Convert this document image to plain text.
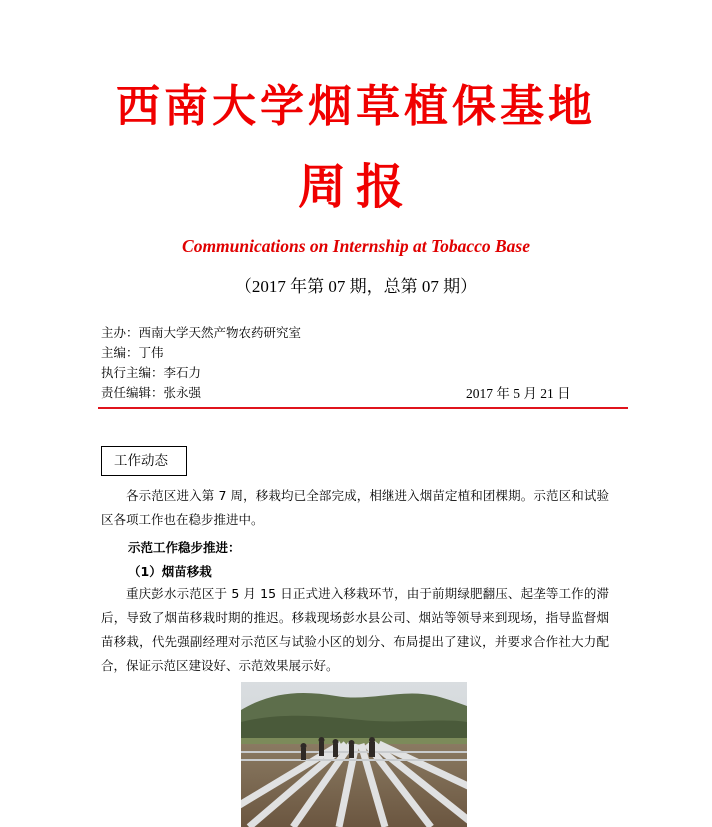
西南大学烟草植保基地
周报
Communications on Internship at Tobacco Base
（2017 年第 07 期，总第 07 期）
主办：西南大学天然产物农药研究室
主编：丁伟
执行主编：李石力
责任编辑：张永强	2017 年 5 月 21 日
工作动态
各示范区进入第 7 周，移栽均已全部完成，相继进入烟苗定植和团棵期。示范区和试验区各项工作也在稳步推进中。
示范工作稳步推进：
（1）烟苗移栽
重庆彭水示范区于 5 月 15 日正式进入移栽环节，由于前期绿肥翻压、起垄等工作的滞后，导致了烟苗移栽时期的推迟。移栽现场彭水县公司、烟站等领导来到现场，指导监督烟苗移栽，代先强副经理对示范区与试验小区的划分、布局提出了建议，并要求合作社大力配合，保证示范区建设好、示范效果展示好。
